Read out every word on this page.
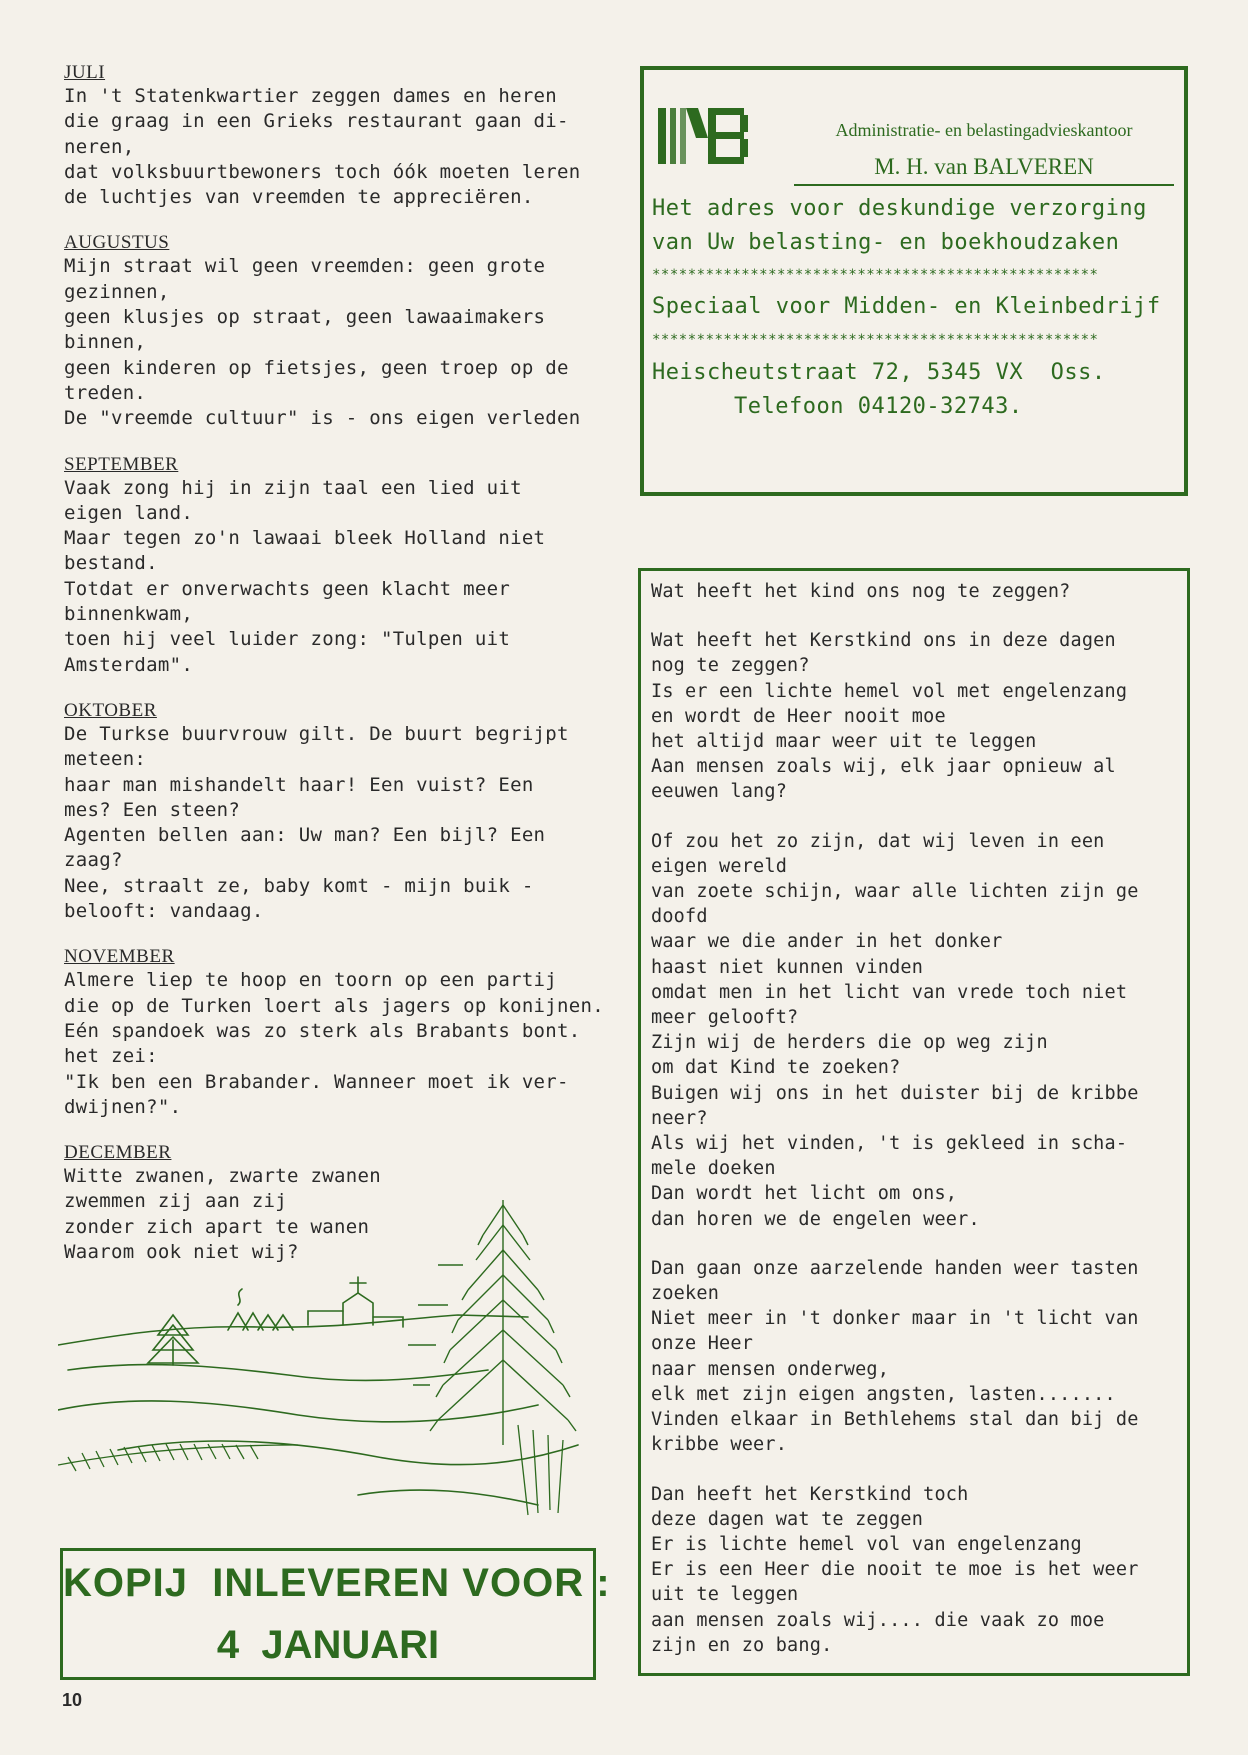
JULI
In 't Statenkwartier zeggen dames en heren
die graag in een Grieks restaurant gaan di-
neren,
dat volksbuurtbewoners toch óók moeten leren
de luchtjes van vreemden te appreciëren.
AUGUSTUS
Mijn straat wil geen vreemden: geen grote
gezinnen,
geen klusjes op straat, geen lawaaimakers
binnen,
geen kinderen op fietsjes, geen troep op de
treden.
De "vreemde cultuur" is - ons eigen verleden
SEPTEMBER
Vaak zong hij in zijn taal een lied uit
eigen land.
Maar tegen zo'n lawaai bleek Holland niet
bestand.
Totdat er onverwachts geen klacht meer
binnenkwam,
toen hij veel luider zong: "Tulpen uit
Amsterdam".
OKTOBER
De Turkse buurvrouw gilt. De buurt begrijpt
meteen:
haar man mishandelt haar! Een vuist? Een
mes? Een steen?
Agenten bellen aan: Uw man? Een bijl? Een
zaag?
Nee, straalt ze, baby komt - mijn buik -
belooft: vandaag.
NOVEMBER
Almere liep te hoop en toorn op een partij
die op de Turken loert als jagers op konijnen.
Eén spandoek was zo sterk als Brabants bont.
het zei:
"Ik ben een Brabander. Wanneer moet ik ver-
dwijnen?".
DECEMBER
Witte zwanen, zwarte zwanen
zwemmen zij aan zij
zonder zich apart te wanen
Waarom ook niet wij?
KOPIJ  INLEVEREN VOOR :
4  JANUARI
10
Administratie- en belastingadvieskantoor
M. H. van BALVEREN
Het adres voor deskundige verzorging
van Uw belasting- en boekhoudzaken
**************************************************
Speciaal voor Midden- en Kleinbedrijf
**************************************************
Heischeutstraat 72, 5345 VX  Oss.
Telefoon 04120-32743.
Wat heeft het kind ons nog te zeggen?
Wat heeft het Kerstkind ons in deze dagen
nog te zeggen?
Is er een lichte hemel vol met engelenzang
en wordt de Heer nooit moe
het altijd maar weer uit te leggen
Aan mensen zoals wij, elk jaar opnieuw al
eeuwen lang?
Of zou het zo zijn, dat wij leven in een
eigen wereld
van zoete schijn, waar alle lichten zijn ge
doofd
waar we die ander in het donker
haast niet kunnen vinden
omdat men in het licht van vrede toch niet
meer gelooft?
Zijn wij de herders die op weg zijn
om dat Kind te zoeken?
Buigen wij ons in het duister bij de kribbe
neer?
Als wij het vinden, 't is gekleed in scha-
mele doeken
Dan wordt het licht om ons,
dan horen we de engelen weer.
Dan gaan onze aarzelende handen weer tasten
zoeken
Niet meer in 't donker maar in 't licht van
onze Heer
naar mensen onderweg,
elk met zijn eigen angsten, lasten.......
Vinden elkaar in Bethlehems stal dan bij de
kribbe weer.
Dan heeft het Kerstkind toch
deze dagen wat te zeggen
Er is lichte hemel vol van engelenzang
Er is een Heer die nooit te moe is het weer
uit te leggen
aan mensen zoals wij.... die vaak zo moe
zijn en zo bang.
